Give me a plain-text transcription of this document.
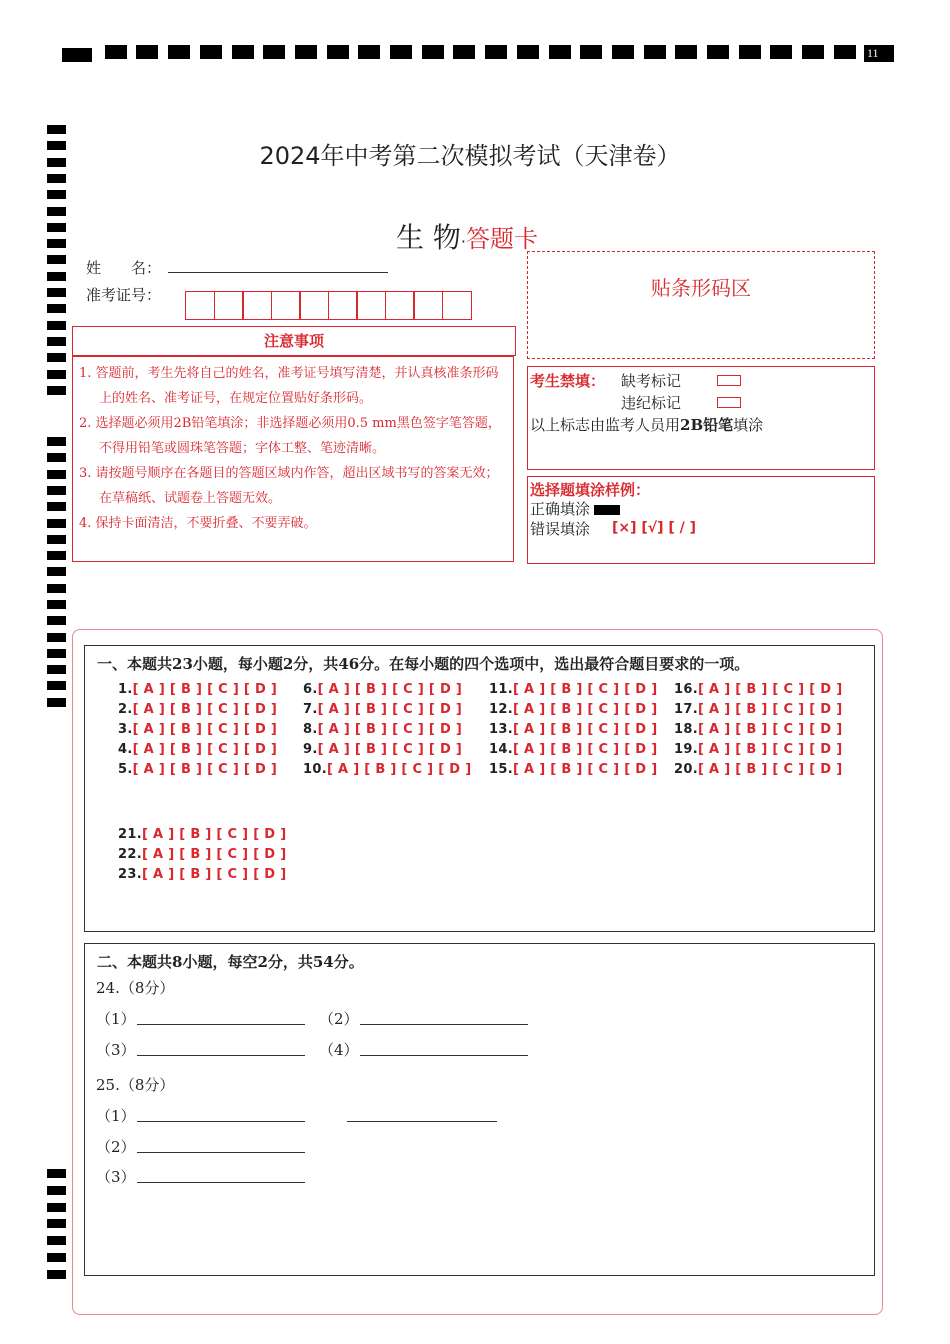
11
2024年中考第二次模拟考试（天津卷）
生 物·答题卡
姓　　名：
准考证号：
注意事项
1. 答题前，考生先将自己的姓名，准考证号填写清楚，并认真核准条形码上的姓名、准考证号，在规定位置贴好条形码。
2. 选择题必须用2B铅笔填涂；非选择题必须用0.5 mm黑色签字笔答题，不得用铅笔或圆珠笔答题；字体工整、笔迹清晰。
3. 请按题号顺序在各题目的答题区域内作答，超出区域书写的答案无效；在草稿纸、试题卷上答题无效。
4. 保持卡面清洁，不要折叠、不要弄破。
贴条形码区
考生禁填： 缺考标记
违纪标记
以上标志由监考人员用2B铅笔填涂
选择题填涂样例：
正确填涂
错误填涂 [×] [√] [ / ]
一、本题共23小题，每小题2分，共46分。在每小题的四个选项中，选出最符合题目要求的一项。
1.[ A ] [ B ] [ C ] [ D ]
2.[ A ] [ B ] [ C ] [ D ]
3.[ A ] [ B ] [ C ] [ D ]
4.[ A ] [ B ] [ C ] [ D ]
5.[ A ] [ B ] [ C ] [ D ]
6.[ A ] [ B ] [ C ] [ D ]
7.[ A ] [ B ] [ C ] [ D ]
8.[ A ] [ B ] [ C ] [ D ]
9.[ A ] [ B ] [ C ] [ D ]
10.[ A ] [ B ] [ C ] [ D ]
11.[ A ] [ B ] [ C ] [ D ]
12.[ A ] [ B ] [ C ] [ D ]
13.[ A ] [ B ] [ C ] [ D ]
14.[ A ] [ B ] [ C ] [ D ]
15.[ A ] [ B ] [ C ] [ D ]
16.[ A ] [ B ] [ C ] [ D ]
17.[ A ] [ B ] [ C ] [ D ]
18.[ A ] [ B ] [ C ] [ D ]
19.[ A ] [ B ] [ C ] [ D ]
20.[ A ] [ B ] [ C ] [ D ]
21.[ A ] [ B ] [ C ] [ D ]
22.[ A ] [ B ] [ C ] [ D ]
23.[ A ] [ B ] [ C ] [ D ]
二、本题共8小题，每空2分，共54分。
24.（8分）
（1）	（2）
（3）	（4）
25.（8分）
（1）
（2）
（3）
